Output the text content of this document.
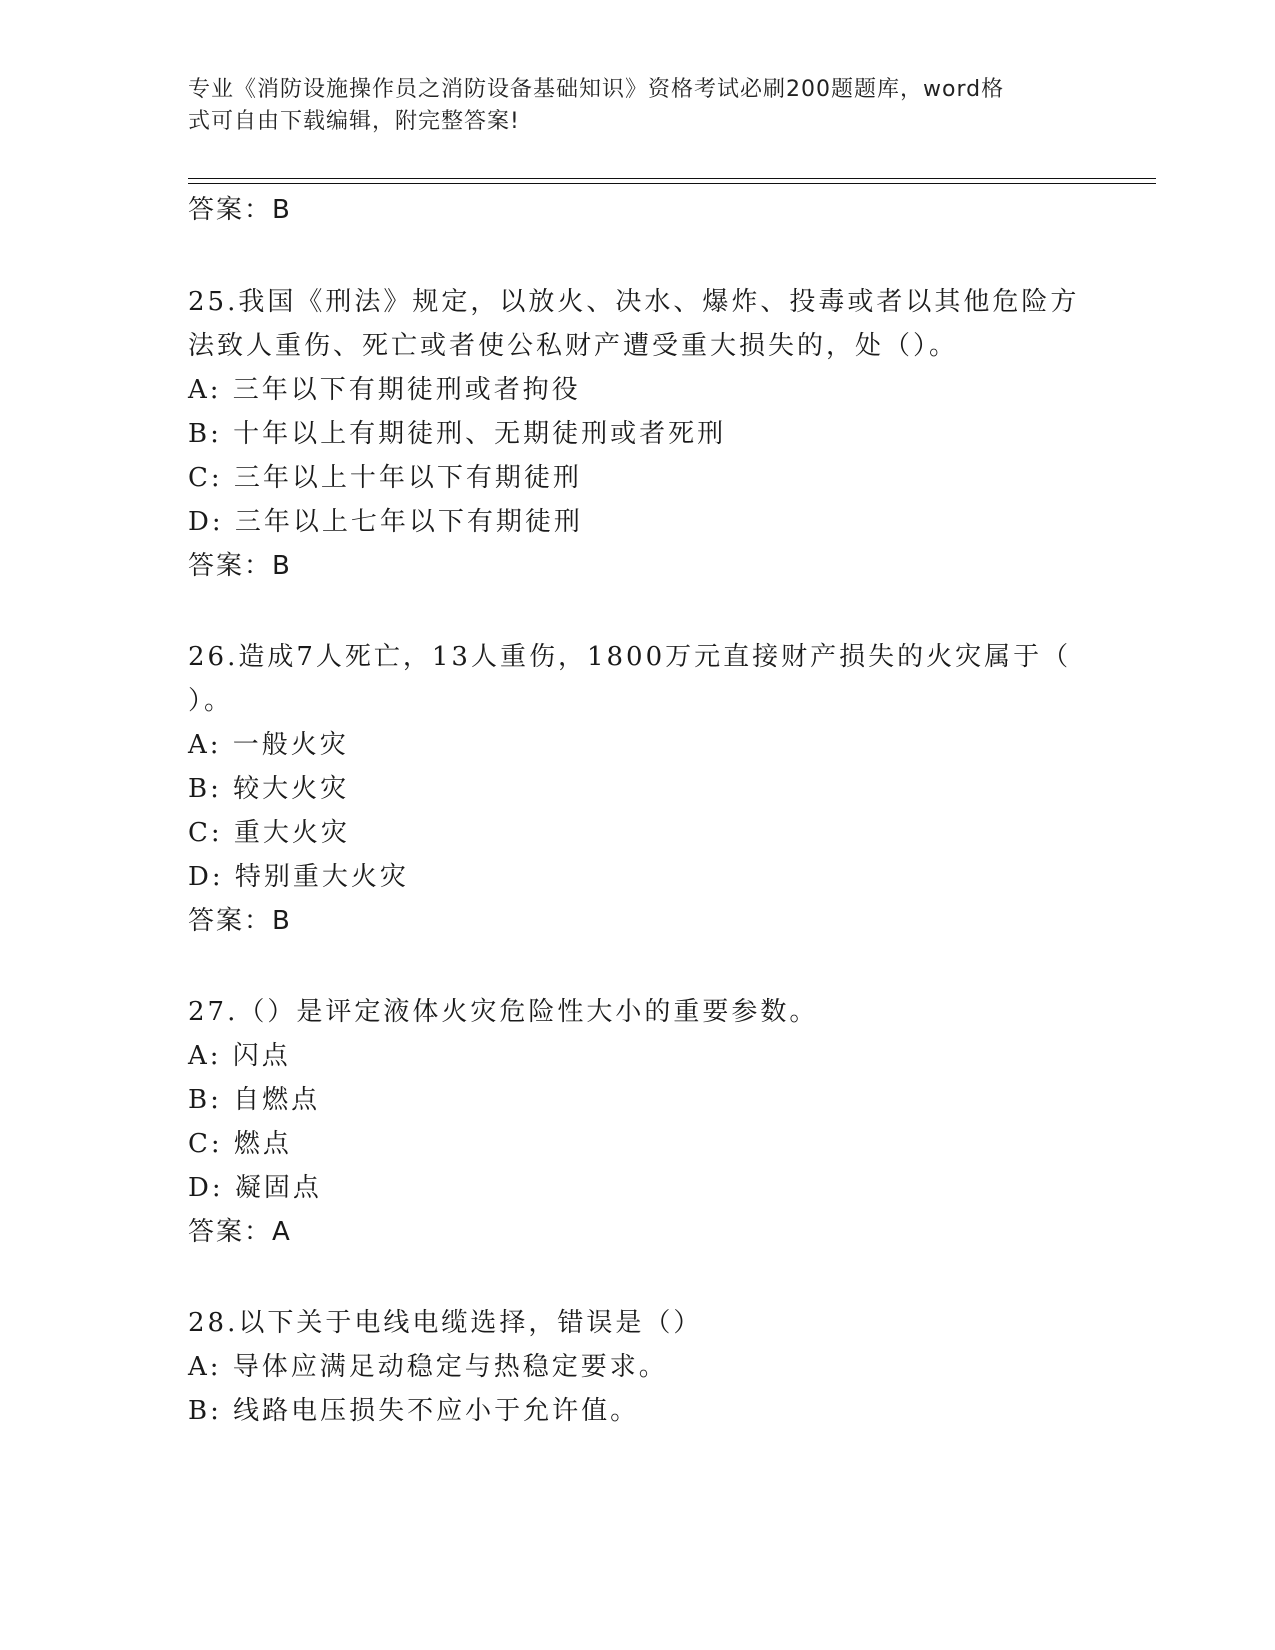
专业《消防设施操作员之消防设备基础知识》资格考试必刷200题题库，word格
式可自由下载编辑，附完整答案!
答案：B
25.我国《刑法》规定，以放火、决水、爆炸、投毒或者以其他危险方
法致人重伤、死亡或者使公私财产遭受重大损失的，处（）。
A: 三年以下有期徒刑或者拘役
B: 十年以上有期徒刑、无期徒刑或者死刑
C: 三年以上十年以下有期徒刑
D: 三年以上七年以下有期徒刑
答案：B
26.造成7人死亡，13人重伤，1800万元直接财产损失的火灾属于（
）。
A: 一般火灾
B: 较大火灾
C: 重大火灾
D: 特别重大火灾
答案：B
27.（）是评定液体火灾危险性大小的重要参数。
A: 闪点
B: 自燃点
C: 燃点
D: 凝固点
答案：A
28.以下关于电线电缆选择，错误是（）
A: 导体应满足动稳定与热稳定要求。
B: 线路电压损失不应小于允许值。
